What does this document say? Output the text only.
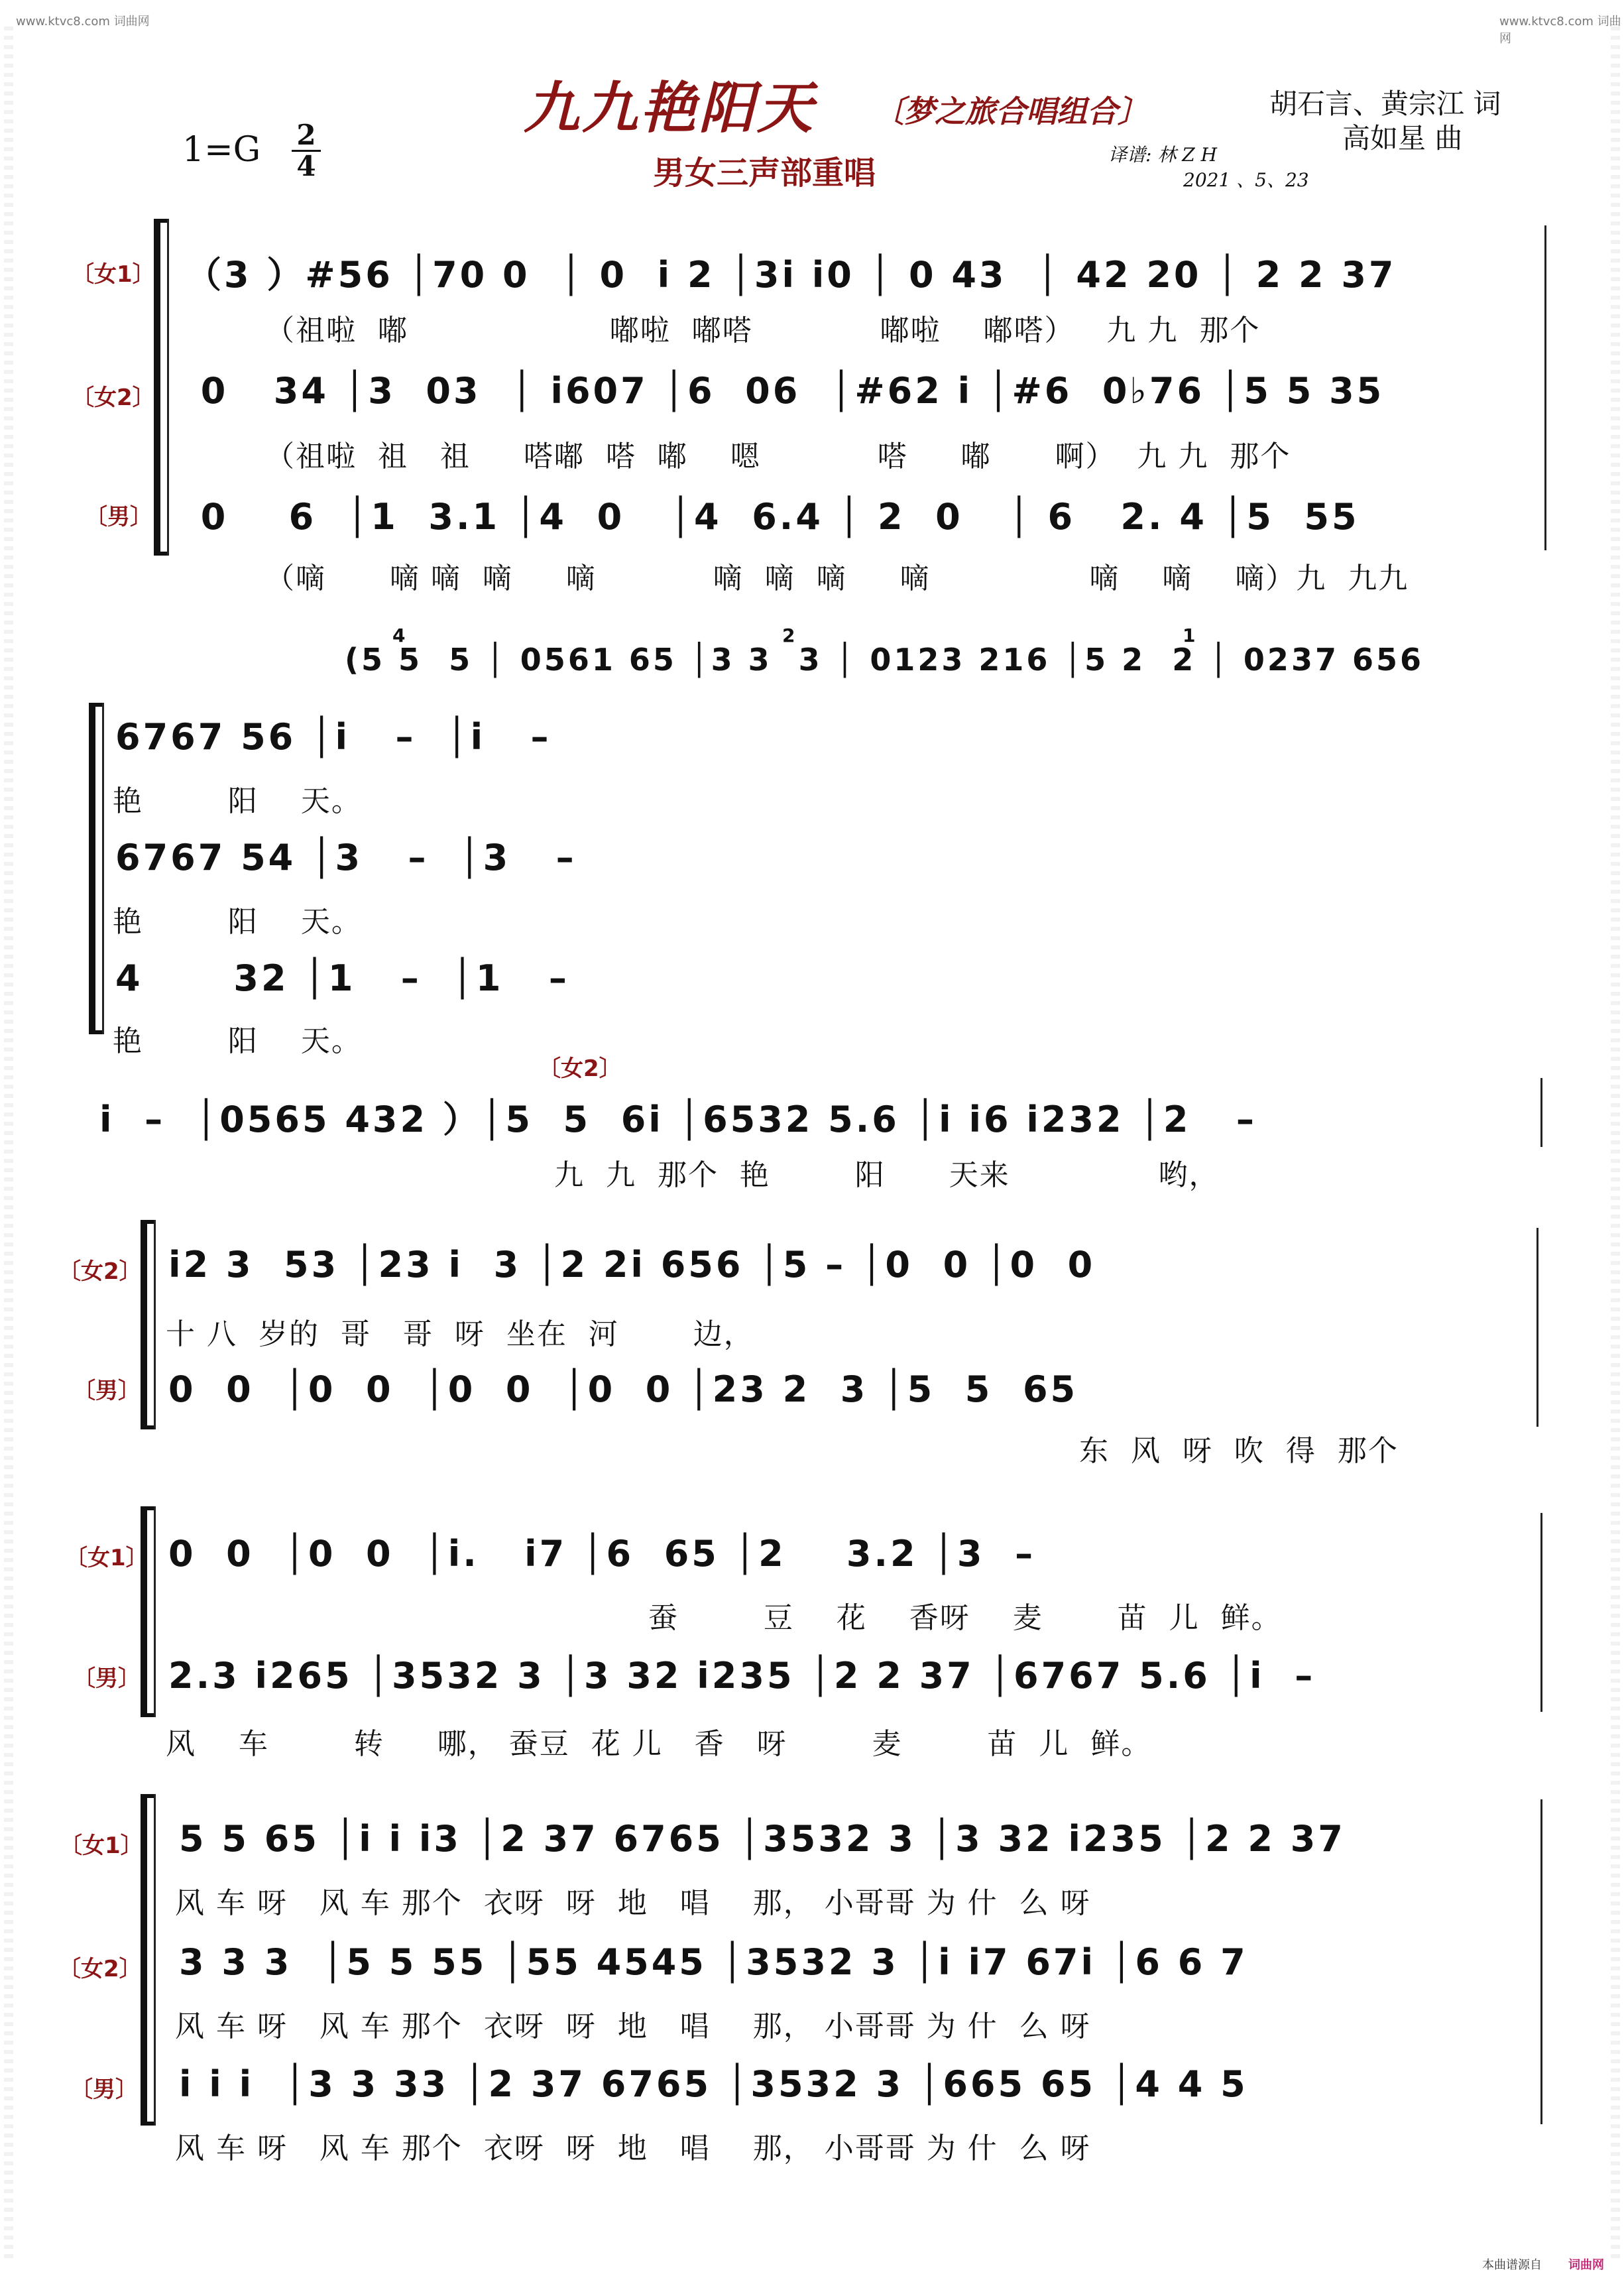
www.ktvc8.com 词曲网	www.ktvc8.com 词曲网
九九艳阳天 〔梦之旅合唱组合〕
男女三声部重唱
$1=G \frac{2}{4}$
胡石言、黄宗江 词
高如星 曲
译谱: 林 Z H
2021 、5、23
〔女1〕
〔女2〕
〔男〕
（3 ）#56 │70 0  │ 0  i 2 │3i i0 │ 0 43  │ 42 20 │ 2 2 37
（祖啦  嘟                   嘟啦  嘟嗒            嘟啦    嘟嗒）   九 九  那个
0   34 │3  03  │ i607 │6  06  │#62 i │#6  0♭76 │5 5 35
（祖啦  祖   祖     嗒嘟  嗒  嘟    嗯           嗒     嘟      啊）  九 九  那个
0    6  │1  3.1 │4  0   │4  6.4 │ 2  0   │ 6   2. 4 │5  55
（嘀      嘀 嘀  嘀     嘀           嘀  嘀  嘀     嘀               嘀    嘀    嘀）九  九九
(5 5  5 │ 0561 65 │3 3  3 │ 0123 216 │5 2  2 │ 0237 656
4	2	1
6767 56 │i   –  │i   –
艳        阳    天。
6767 54 │3   –  │3   –
艳        阳    天。
4      32 │1   –  │1   –
艳        阳    天。
〔女2〕
i  –  │0565 432 ）│5  5  6i │6532 5.6 │i i6 i232 │2   –
九  九  那个  艳        阳      天来              哟，
〔女2〕
〔男〕
i2 3  53 │23 i  3 │2 2i 656 │5 – │0  0 │0  0
十 八  岁的  哥   哥  呀  坐在  河       边，
0  0  │0  0  │0  0  │0  0 │23 2  3 │5  5  65
东  风  呀  吹  得  那个
〔女1〕
〔男〕
0  0  │0  0  │i.   i7 │6  65 │2    3.2 │3  –
蚕        豆    花    香呀    麦       苗  儿  鲜。
2.3 i265 │3532 3 │3 32 i235 │2 2 37 │6767 5.6 │i  –
风    车        转     哪， 蚕豆  花 儿   香   呀        麦        苗  儿  鲜。
〔女1〕
〔女2〕
〔男〕
5 5 65 │i i i3 │2 37 6765 │3532 3 │3 32 i235 │2 2 37
风 车 呀   风 车 那个  衣呀  呀  地   唱    那， 小哥哥 为 什  么 呀
3 3 3  │5 5 55 │55 4545 │3532 3 │i i7 67i │6 6 7
风 车 呀   风 车 那个  衣呀  呀  地   唱    那， 小哥哥 为 什  么 呀
i i i  │3 3 33 │2 37 6765 │3532 3 │665 65 │4 4 5
风 车 呀   风 车 那个  衣呀  呀  地   唱    那， 小哥哥 为 什  么 呀
本曲谱源自 词曲网
